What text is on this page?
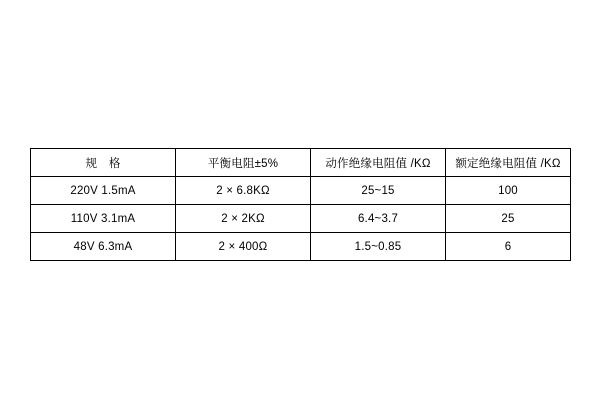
规　格	平衡电阻±5%	动作绝缘电阻值 /KΩ	额定绝缘电阻值 /KΩ
220V 1.5mA	2 × 6.8KΩ	25~15	100
110V 3.1mA	2 × 2KΩ	6.4~3.7	25
48V 6.3mA	2 × 400Ω	1.5~0.85	6
